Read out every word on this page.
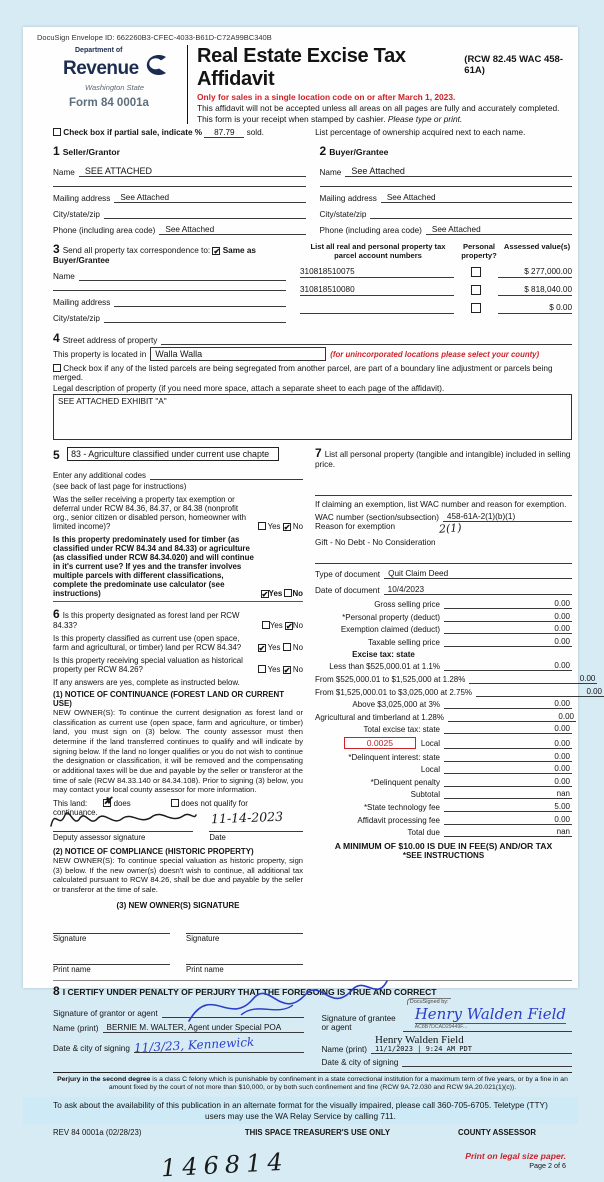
DocuSign Envelope ID: 662260B3-CFEC-4033-B61D-C72A99BC340B
Department of
Revenue
Washington State
Form 84 0001a
Real Estate Excise Tax Affidavit
(RCW 82.45 WAC 458-61A)
Only for sales in a single location code on or after March 1, 2023.
This affidavit will not be accepted unless all areas on all pages are fully and accurately completed.
This form is your receipt when stamped by cashier. Please type or print.
Check box if partial sale, indicate % 87.79 sold.	List percentage of ownership acquired next to each name.
1 Seller/Grantor
Name	SEE ATTACHED
Mailing address	See Attached
City/state/zip
Phone (including area code)	See Attached
2 Buyer/Grantee
Name	See Attached
Mailing address	See Attached
City/state/zip
Phone (including area code)	See Attached
3 Send all property tax correspondence to: ✔ Same as Buyer/Grantee
Name
Mailing address
City/state/zip
List all real and personal property tax parcel account numbers
Personal property?
Assessed value(s)
310818510075	$ 277,000.00
310818510080	$ 818,040.00
$ 0.00
4 Street address of property
This property is located in	Walla Walla	(for unincorporated locations please select your county)
Check box if any of the listed parcels are being segregated from another parcel, are part of a boundary line adjustment or parcels being merged.
Legal description of property (if you need more space, attach a separate sheet to each page of the affidavit).
SEE ATTACHED EXHIBIT "A"
5 83 - Agriculture classified under current use chapte
Enter any additional codes
(see back of last page for instructions)
Was the seller receiving a property tax exemption or deferral under RCW 84.36, 84.37, or 84.38 (nonprofit org., senior citizen or disabled person, homeowner with limited income)?	Yes ✔ No
Is this property predominately used for timber (as classified under RCW 84.34 and 84.33) or agriculture (as classified under RCW 84.34.020) and will continue in it's current use? If yes and the transfer involves multiple parcels with different classifications, complete the predominate use calculator (see instructions)	✔Yes No
6 Is this property designated as forest land per RCW 84.33?	Yes ✔No
Is this property classified as current use (open space, farm and agricultural, or timber) land per RCW 84.34?	✔ Yes No
Is this property receiving special valuation as historical property per RCW 84.26?	Yes ✔ No
If any answers are yes, complete as instructed below.
(1) NOTICE OF CONTINUANCE (FOREST LAND OR CURRENT USE)
NEW OWNER(S): To continue the current designation as forest land or classification as current use (open space, farm and agriculture, or timber) land, you must sign on (3) below. The county assessor must then determine if the land transferred continues to qualify and will indicate by signing below. If the land no longer qualifies or you do not wish to continue the designation or classification, it will be removed and the compensating or additional taxes will be due and payable by the seller or transferor at the time of sale (RCW 84.33.140 or 84.34.108). Prior to signing (3) below, you may contact your local county assessor for more information.
This land: ✘ does	does not qualify for
continuance.	11-14-2023
Deputy assessor signature	Date
(2) NOTICE OF COMPLIANCE (HISTORIC PROPERTY)
NEW OWNER(S): To continue special valuation as historic property, sign (3) below. If the new owner(s) doesn't wish to continue, all additional tax calculated pursuant to RCW 84.26, shall be due and payable by the seller or transferor at the time of sale.
(3) NEW OWNER(S) SIGNATURE
Signature	Signature
Print name	Print name
7 List all personal property (tangible and intangible) included in selling price.
If claiming an exemption, list WAC number and reason for exemption.
WAC number (section/subsection) 458-61A-2(1)(b)(1)
Reason for exemption	2(1)
Gift - No Debt - No Consideration
Type of document Quit Claim Deed
Date of document 10/4/2023
Gross selling price	0.00
*Personal property (deduct)	0.00
Exemption claimed (deduct)	0.00
Taxable selling price	0.00
Excise tax: state
Less than $525,000.01 at 1.1%	0.00
From $525,000.01 to $1,525,000 at 1.28%	0.00
From $1,525,000.01 to $3,025,000 at 2.75%	0.00
Above $3,025,000 at 3%	0.00
Agricultural and timberland at 1.28%	0.00
Total excise tax: state	0.00
0.0025	Local	0.00
*Delinquent interest: state	0.00
Local	0.00
*Delinquent penalty	0.00
Subtotal	nan
*State technology fee	5.00
Affidavit processing fee	0.00
Total due	nan
A MINIMUM OF $10.00 IS DUE IN FEE(S) AND/OR TAX
*SEE INSTRUCTIONS
8 I CERTIFY UNDER PENALTY OF PERJURY THAT THE FOREGOING IS TRUE AND CORRECT
Signature of grantor or agent
Name (print) BERNIE M. WALTER, Agent under Special POA
Date & city of signing 11/3/23, Kennewick
Signature of grantee or agent
DocuSigned by:
Henry Walden Field
AC8B7DCAD29449F...
Name (print)
Henry Walden Field
11/1/2023 | 9:24 AM PDT
Date & city of signing
Perjury in the second degree is a class C felony which is punishable by confinement in a state correctional institution for a maximum term of five years, or by a fine in an amount fixed by the court of not more than $10,000, or by both such confinement and fine (RCW 9A.72.030 and RCW 9A.20.021(1)(c)).
To ask about the availability of this publication in an alternate format for the visually impaired, please call 360-705-6705. Teletype (TTY) users may use the WA Relay Service by calling 711.
REV 84 0001a (02/28/23)	THIS SPACE TREASURER'S USE ONLY	COUNTY ASSESSOR
146814	Print on legal size paper.
Page 2 of 6
